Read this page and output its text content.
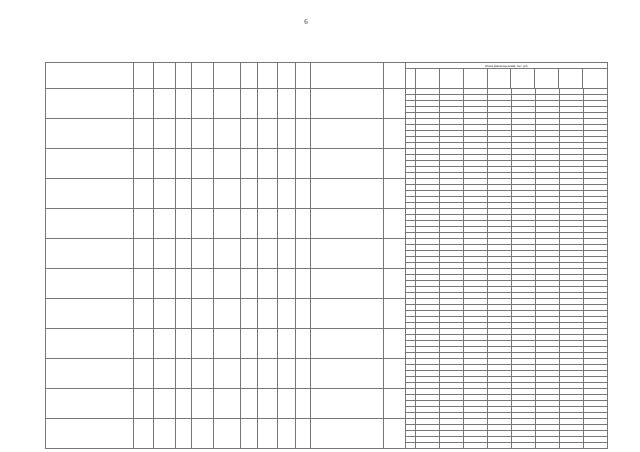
6
Объем финансирования, тыс. руб.
